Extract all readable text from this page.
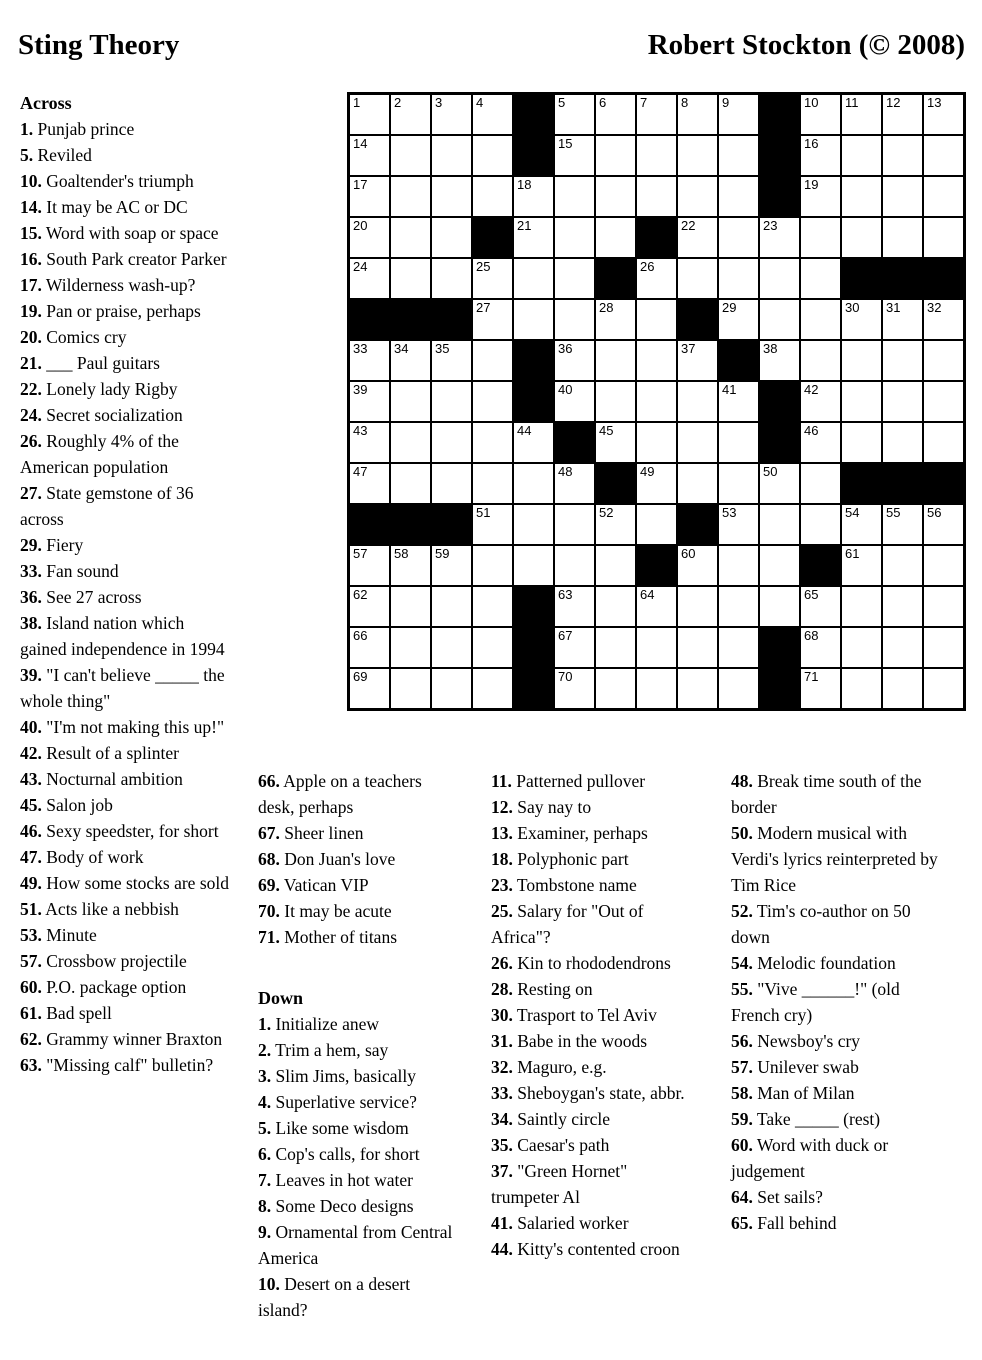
Sting Theory	Robert Stockton (© 2008)
1	2	3	4	5	6	7	8	9	10 11 12 13
14	15	16
17	18	19
20	21	22	23
24	25	26
27	28	29	30 31 32
33 34 35	36	37	38
39	40	41	42
43	44	45	46
47	48	49	50
51	52	53	54 55 56
57 58 59	60	61
62	63	64	65
66	67	68
69	70	71
Across
1. Punjab prince
5. Reviled
10. Goaltender's triumph
14. It may be AC or DC
15. Word with soap or space
16. South Park creator Parker
17. Wilderness wash-up?
19. Pan or praise, perhaps
20. Comics cry
21. ___ Paul guitars
22. Lonely lady Rigby
24. Secret socialization
26. Roughly 4% of the American population
27. State gemstone of 36 across
29. Fiery
33. Fan sound
36. See 27 across
38. Island nation which gained independence in 1994
39. "I can't believe _____ the whole thing"
40. "I'm not making this up!"
42. Result of a splinter
43. Nocturnal ambition
45. Salon job
46. Sexy speedster, for short
47. Body of work
49. How some stocks are sold
51. Acts like a nebbish
53. Minute
57. Crossbow projectile
60. P.O. package option
61. Bad spell
62. Grammy winner Braxton
63. "Missing calf" bulletin?
66. Apple on a teachers desk, perhaps
67. Sheer linen
68. Don Juan's love
69. Vatican VIP
70. It may be acute
71. Mother of titans
Down
1. Initialize anew
2. Trim a hem, say
3. Slim Jims, basically
4. Superlative service?
5. Like some wisdom
6. Cop's calls, for short
7. Leaves in hot water
8. Some Deco designs
9. Ornamental from Central America
10. Desert on a desert island?
11. Patterned pullover
12. Say nay to
13. Examiner, perhaps
18. Polyphonic part
23. Tombstone name
25. Salary for "Out of Africa"?
26. Kin to rhododendrons
28. Resting on
30. Trasport to Tel Aviv
31. Babe in the woods
32. Maguro, e.g.
33. Sheboygan's state, abbr.
34. Saintly circle
35. Caesar's path
37. "Green Hornet" trumpeter Al
41. Salaried worker
44. Kitty's contented croon
48. Break time south of the border
50. Modern musical with Verdi's lyrics reinterpreted by Tim Rice
52. Tim's co-author on 50 down
54. Melodic foundation
55. "Vive ______!" (old French cry)
56. Newsboy's cry
57. Unilever swab
58. Man of Milan
59. Take _____ (rest)
60. Word with duck or judgement
64. Set sails?
65. Fall behind
